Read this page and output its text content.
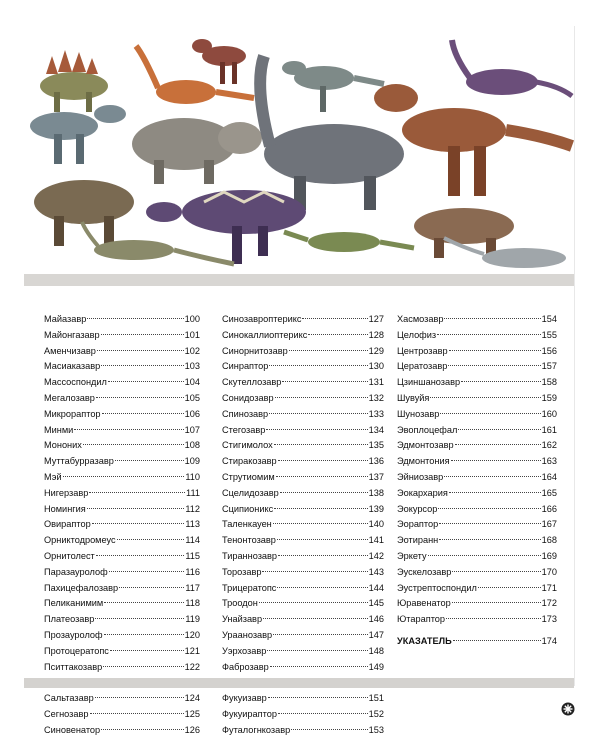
Майазавр	100
Майонгазавр	101
Аменчизавр	102
Масиаказавр	103
Массоспондил	104
Мегалозавр	105
Микрораптор	106
Минми	107
Мононих	108
Муттабурразавр	109
Мэй	110
Нигерзавр	111
Номингия	112
Овираптор	113
Орниктодромеус	114
Орнитолест	115
Паразауролоф	116
Пахицефалозавр	117
Пеликанимим	118
Платеозавр	119
Прозауролоф	120
Протоцератопс	121
Пситтакозавр	122
Сальтазавр	124
Сегнозавр	125
Синовенатор	126
Синозавроптерикс	127
Синокаллиоптерикс	128
Синорнитозавр	129
Синраптор	130
Скутеллозавр	131
Сонидозавр	132
Спинозавр	133
Стегозавр	134
Стигимолох	135
Стиракозавр	136
Струтиомим	137
Сцелидозавр	138
Сципионикс	139
Таленкауен	140
Тенонтозавр	141
Тираннозавр	142
Торозавр	143
Трицератопс	144
Троодон	145
Унайзавр	146
Ураанозавр	147
Уэрхозавр	148
Фаброзавр	149
Фукуизавр	151
Фукуираптор	152
Футалогнкозавр	153
Хасмозавр	154
Целофиз	155
Центрозавр	156
Цератозавр	157
Цзиншанозавр	158
Шувуйя	159
Шунозавр	160
Эвоплоцефал	161
Эдмонтозавр	162
Эдмонтония	163
Эйниозавр	164
Эокархария	165
Эокурсор	166
Эораптор	167
Эотиранн	168
Эркету	169
Эускелозавр	170
Эустрептоспондил	171
Юравенатор	172
Ютараптор	173
УКАЗАТЕЛЬ	174
